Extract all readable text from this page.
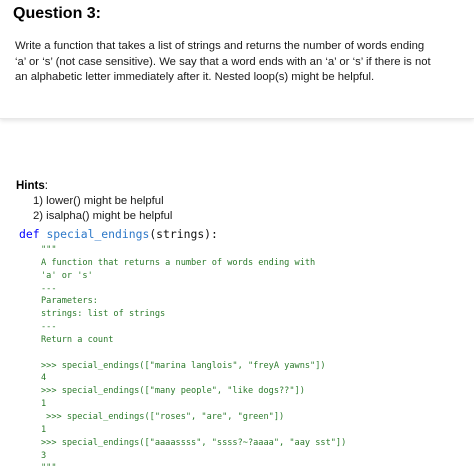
Question 3:
Write a function that takes a list of strings and returns the number of words ending
‘a’ or ‘s’ (not case sensitive). We say that a word ends with an ‘a’ or ‘s’ if there is not
an alphabetic letter immediately after it. Nested loop(s) might be helpful.
Hints:
1) lower() might be helpful
2) isalpha() might be helpful
def special_endings(strings):
"""
A function that returns a number of words ending with
'a' or 's'
---
Parameters:
strings: list of strings
---
Return a count
>>> special_endings(["marina langlois", "freyA yawns"])
4
>>> special_endings(["many people", "like dogs??"])
1
>>> special_endings(["roses", "are", "green"])
1
>>> special_endings(["aaaassss", "ssss?~?aaaa", "aay sst"])
3
"""
